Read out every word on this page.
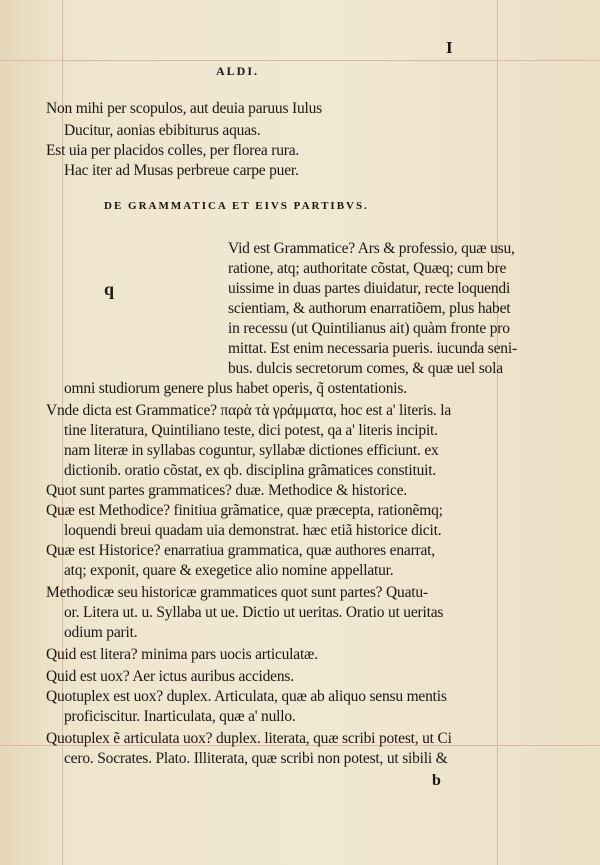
I
ALDI.
Non mihi per scopulos, aut deuia paruus Iulus
Ducitur, aonias ebibiturus aquas.
Est uia per placidos colles, per florea rura.
Hac iter ad Musas perbreue carpe puer.
DE GRAMMATICA ET EIVS PARTIBVS.
q
Vid est Grammatice? Ars & professio, quæ usu,
ratione, atq; authoritate cõstat, Quæq; cum bre
uissime in duas partes diuidatur, recte loquendi
scientiam, & authorum enarratiõem, plus habet
in recessu (ut Quintilianus ait) quàm fronte pro
mittat. Est enim necessaria pueris. iucunda seni-
bus. dulcis secretorum comes, & quæ uel sola
omni studiorum genere plus habet operis, q̃ ostentationis.
Vnde dicta est Grammatice? παρὰ τὰ γράμματα, hoc est a' literis. la
tine literatura, Quintiliano teste, dici potest, qa a' literis incipit.
nam literæ in syllabas coguntur, syllabæ dictiones efficiunt. ex
dictionib. oratio cõstat, ex qb. disciplina grãmatices constituit.
Quot sunt partes grammatices? duæ. Methodice & historice.
Quæ est Methodice? finitiua grãmatice, quæ præcepta, rationẽmq;
loquendi breui quadam uia demonstrat. hæc etiã historice dicit.
Quæ est Historice? enarratiua grammatica, quæ authores enarrat,
atq; exponit, quare & exegetice alio nomine appellatur.
Methodicæ seu historicæ grammatices quot sunt partes? Quatu-
or. Litera ut. u. Syllaba ut ue. Dictio ut ueritas. Oratio ut ueritas
odium parit.
Quid est litera? minima pars uocis articulatæ.
Quid est uox? Aer ictus auribus accidens.
Quotuplex est uox? duplex. Articulata, quæ ab aliquo sensu mentis
proficiscitur. Inarticulata, quæ a' nullo.
Quotuplex ẽ articulata uox? duplex. literata, quæ scribi potest, ut Ci
cero. Socrates. Plato. Illiterata, quæ scribi non potest, ut sibili &
b
